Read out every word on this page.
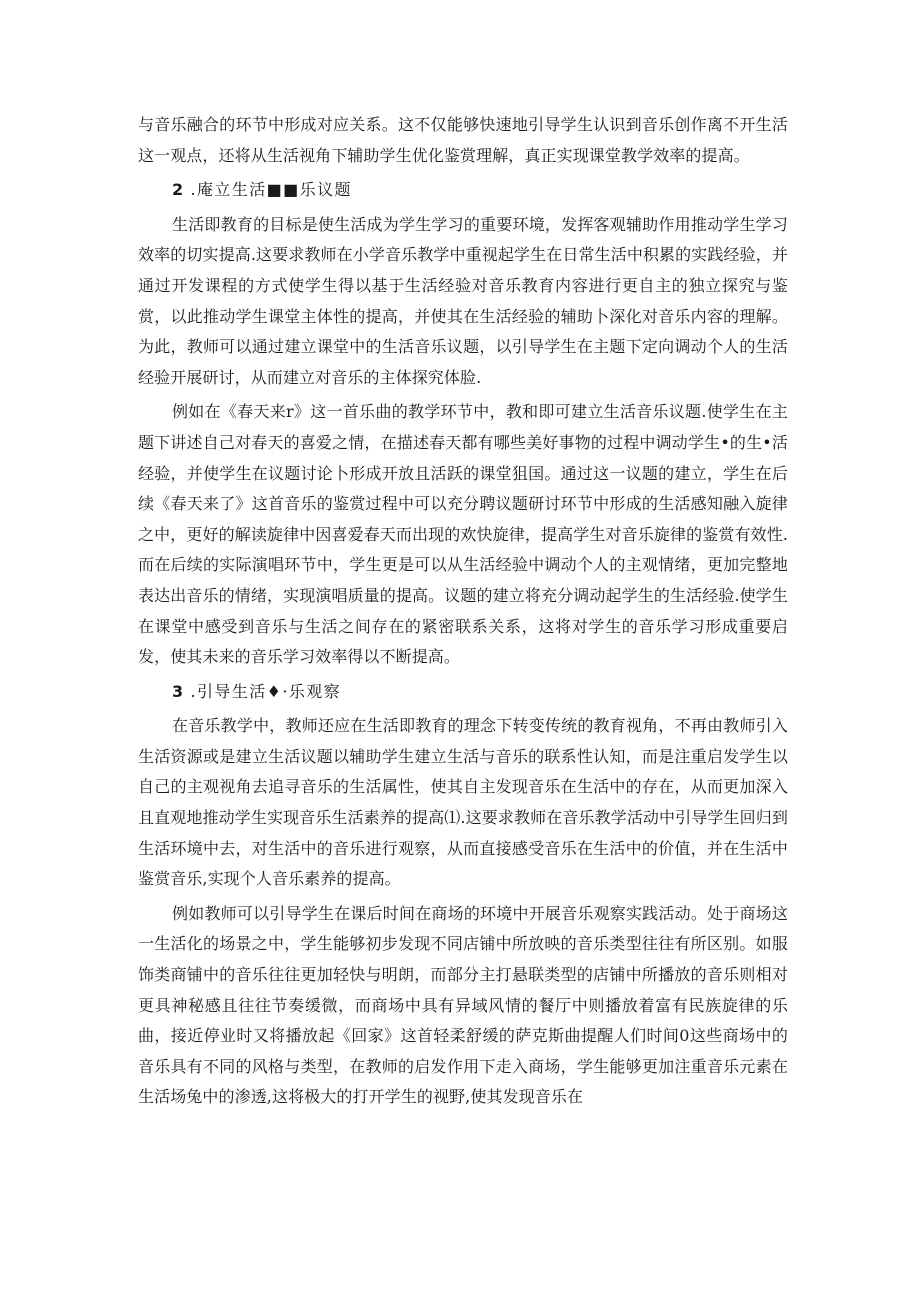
与音乐融合的环节中形成对应关系。这不仅能够快速地引导学生认识到音乐创作离不开生活这一观点，还将从生活视角下辅助学生优化鉴赏理解，真正实现课堂教学效率的提高。

2 .庵立生活■■乐议题

生活即教育的目标是使生活成为学生学习的重要环境，发挥客观辅助作用推动学生学习效率的切实提高.这要求教师在小学音乐教学中重视起学生在日常生活中积累的实践经验，并通过开发课程的方式使学生得以基于生活经验对音乐教育内容进行更自主的独立探究与鉴赏，以此推动学生课堂主体性的提高，并使其在生活经验的辅助卜深化对音乐内容的理解。为此，教师可以通过建立课堂中的生活音乐议题，以引导学生在主题下定向调动个人的生活经验开展研讨，从而建立对音乐的主体探究体脸.

例如在《春天来r》这一首乐曲的教学环节中，教和即可建立生活音乐议题.使学生在主题下讲述自己对春天的喜爱之情，在描述春天都有哪些美好事物的过程中调动学生•的生•活经验，并使学生在议题讨论卜形成开放且活跃的课堂狙国。通过这一议题的建立，学生在后续《春天来了》这首音乐的鉴赏过程中可以充分聘议题研讨环节中形成的生活感知融入旋律之中，更好的解读旋律中因喜爱春天而出现的欢快旋律，提高学生对音乐旋律的鉴赏有效性.而在后续的实际演唱环节中，学生更是可以从生活经验中调动个人的主观情绪，更加完整地表达出音乐的情绪，实现演唱质量的提高。议题的建立将充分调动起学生的生活经验.使学生在课堂中感受到音乐与生活之间存在的紧密联系关系，这将对学生的音乐学习形成重要启发，使其未来的音乐学习效率得以不断提高。

3 .引导生活♦·乐观察

在音乐教学中，教师还应在生活即教育的理念下转变传统的教育视角，不再由教师引入生活资源或是建立生活议题以辅助学生建立生活与音乐的联系性认知，而是注重启发学生以自己的主观视角去追寻音乐的生活属性，使其自主发现音乐在生活中的存在，从而更加深入且直观地推动学生实现音乐生活素养的提高⑴.这要求教师在音乐教学活动中引导学生回归到生活环境中去，对生活中的音乐进行观察，从而直接感受音乐在生活中的价值，并在生活中鉴赏音乐,实现个人音乐素养的提高。

例如教师可以引导学生在课后时间在商场的环境中开展音乐观察实践活动。处于商场这一生活化的场景之中，学生能够初步发现不同店铺中所放映的音乐类型往往有所区别。如服饰类商铺中的音乐往往更加轻快与明朗，而部分主打悬联类型的店铺中所播放的音乐则相对更具神秘感且往往节奏缓微，而商场中具有异域风情的餐厅中则播放着富有民族旋律的乐曲，接近停业时又将播放起《回家》这首轻柔舒缓的萨克斯曲提醒人们时间0这些商场中的音乐具有不同的风格与类型，在教师的启发作用下走入商场，学生能够更加注重音乐元素在生活场兔中的渗透,这将极大的打开学生的视野,使其发现音乐在
